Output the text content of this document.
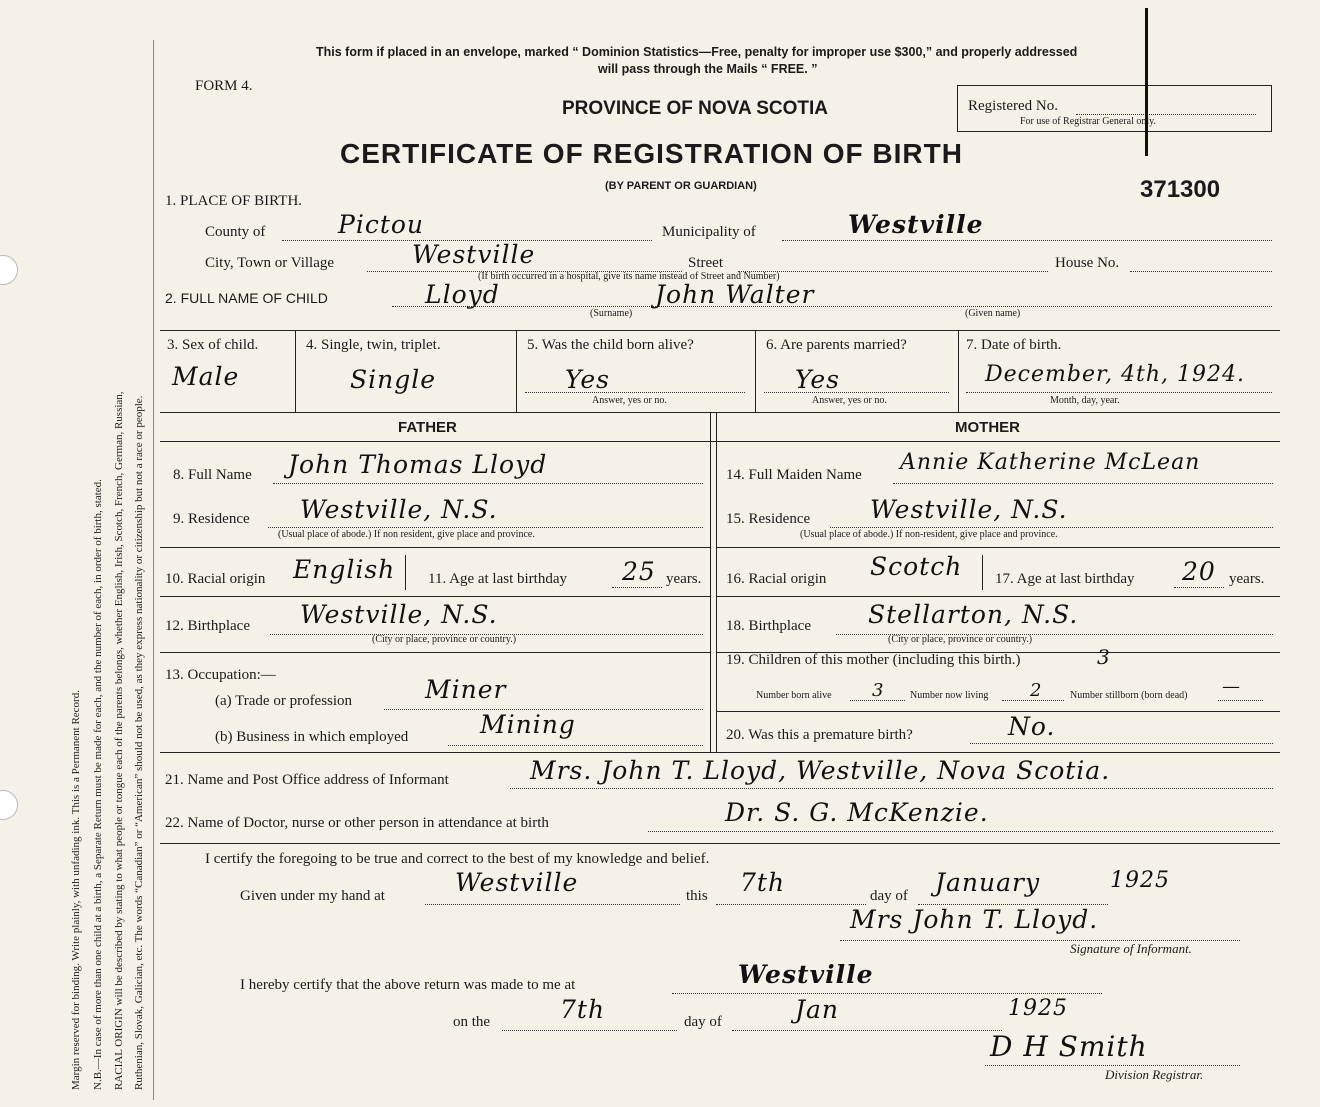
Margin reserved for binding. Write plainly, with unfading ink. This is a Permanent Record. N.B.—In case of more than one child at a birth, a Separate Return must be made for each, and the number of each, in order of birth, stated. RACIAL ORIGIN will be described by stating to what people or tongue each of the parents belongs, whether English, Irish, Scotch, French, German, Russian, Ruthenian, Slovak, Galician, etc. The words “Canadian” or “American” should not be used, as they express nationality or citizenship but not a race or people.
This form if placed in an envelope, marked “ Dominion Statistics—Free, penalty for improper use $300,” and properly addressed
will pass through the Mails “ FREE. ”
FORM 4.
PROVINCE OF NOVA SCOTIA
CERTIFICATE OF REGISTRATION OF BIRTH
(BY PARENT OR GUARDIAN)
Registered No.
For use of Registrar General only.
371300
1. PLACE OF BIRTH.
County of	Pictou	Municipality of	Westville
City, Town or Village	Westville	Street	House No.
(If birth occurred in a hospital, give its name instead of Street and Number)
2. FULL NAME OF CHILD	Lloyd	John Walter
(Surname)	(Given name)
3. Sex of child.
Male
4. Single, twin, triplet.
Single
5. Was the child born alive?
Yes
Answer, yes or no.
6. Are parents married?
Yes
Answer, yes or no.
7. Date of birth.
December, 4th, 1924.
Month, day, year.
FATHER	MOTHER
8. Full Name John Thomas Lloyd
9. Residence Westville, N.S.
(Usual place of abode.) If non resident, give place and province.
10. Racial origin English 11. Age at last birthday 25 years.
12. Birthplace Westville, N.S.
(City or place, province or country.)
13. Occupation:—
(a) Trade or profession	Miner
(b) Business in which employed	Mining
14. Full Maiden Name Annie Katherine McLean
15. Residence Westville, N.S.
(Usual place of abode.) If non-resident, give place and province.
16. Racial origin Scotch 17. Age at last birthday 20 years.
18. Birthplace Stellarton, N.S.
(City or place, province or country.)
19. Children of this mother (including this birth.)	3
Number born alive 3	Number now living 2	Number stillborn (born dead) —
20. Was this a premature birth?	No.
21. Name and Post Office address of Informant	Mrs. John T. Lloyd, Westville, Nova Scotia.
22. Name of Doctor, nurse or other person in attendance at birth	Dr. S. G. McKenzie.
I certify the foregoing to be true and correct to the best of my knowledge and belief.
Given under my hand at	Westville	this 7th	day of January	1925
Mrs John T. Lloyd.
Signature of Informant.
I hereby certify that the above return was made to me at	Westville
on the	7th	day of	Jan	1925
D H Smith
Division Registrar.
